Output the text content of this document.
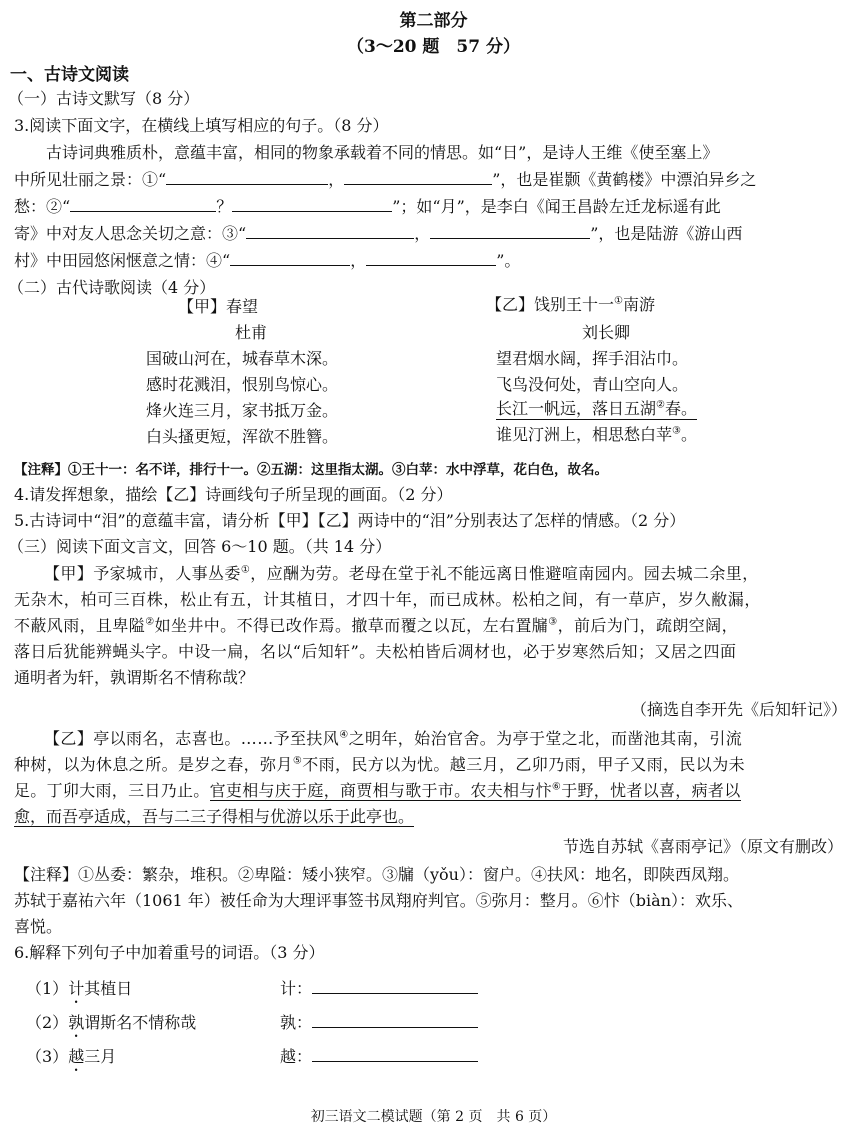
第二部分
（3～20 题　57 分）
一、古诗文阅读
（一）古诗文默写（8 分）
3.阅读下面文字，在横线上填写相应的句子。（8 分）
古诗词典雅质朴，意蕴丰富，相同的物象承载着不同的情思。如“日”，是诗人王维《使至塞上》
中所见壮丽之景：①“	，	”，也是崔颢《黄鹤楼》中漂泊异乡之
愁：②“	？	”；如“月”，是李白《闻王昌龄左迁龙标遥有此
寄》中对友人思念关切之意：③“	，	”，也是陆游《游山西
村》中田园悠闲惬意之情：④“	，	”。
（二）古代诗歌阅读（4 分）
【甲】春望
杜甫
国破山河在，城春草木深。
感时花溅泪，恨别鸟惊心。
烽火连三月，家书抵万金。
白头搔更短，浑欲不胜簪。
【乙】饯别王十一①南游
刘长卿
望君烟水阔，挥手泪沾巾。
飞鸟没何处，青山空向人。
长江一帆远，落日五湖②春。
谁见汀洲上，相思愁白苹③。
【注释】①王十一：名不详，排行十一。②五湖：这里指太湖。③白苹：水中浮草，花白色，故名。
4.请发挥想象，描绘【乙】诗画线句子所呈现的画面。（2 分）
5.古诗词中“泪”的意蕴丰富，请分析【甲】【乙】两诗中的“泪”分别表达了怎样的情感。（2 分）
（三）阅读下面文言文，回答 6～10 题。（共 14 分）
【甲】予家城市，人事丛委①，应酬为劳。老母在堂于礼不能远离日惟避喧南园内。园去城二余里，
无杂木，柏可三百株，松止有五，计其植日，才四十年，而已成林。松柏之间，有一草庐，岁久敝漏，
不蔽风雨，且卑隘②如坐井中。不得已改作焉。撤草而覆之以瓦，左右置牖③，前后为门，疏朗空阔，
落日后犹能辨蝇头字。中设一扁，名以“后知轩”。夫松柏皆后凋材也，必于岁寒然后知；又居之四面
通明者为轩，孰谓斯名不情称哉？
（摘选自李开先《后知轩记》）
【乙】亭以雨名，志喜也。……予至扶风④之明年，始治官舍。为亭于堂之北，而凿池其南，引流
种树，以为休息之所。是岁之春，弥月⑤不雨，民方以为忧。越三月，乙卯乃雨，甲子又雨，民以为未
足。丁卯大雨，三日乃止。官吏相与庆于庭，商贾相与歌于市。农夫相与忭⑥于野，忧者以喜，病者以
愈，而吾亭适成，吾与二三子得相与优游以乐于此亭也。
节选自苏轼《喜雨亭记》（原文有删改）
【注释】①丛委：繁杂，堆积。②卑隘：矮小狭窄。③牖（yǒu）：窗户。④扶风：地名，即陕西凤翔。
苏轼于嘉祐六年（1061 年）被任命为大理评事签书凤翔府判官。⑤弥月：整月。⑥忭（biàn）：欢乐、
喜悦。
6.解释下列句子中加着重号的词语。（3 分）
（1）计其植日	计：
（2）孰谓斯名不情称哉	孰：
（3）越三月	越：
初三语文二模试题（第 2 页　共 6 页）
